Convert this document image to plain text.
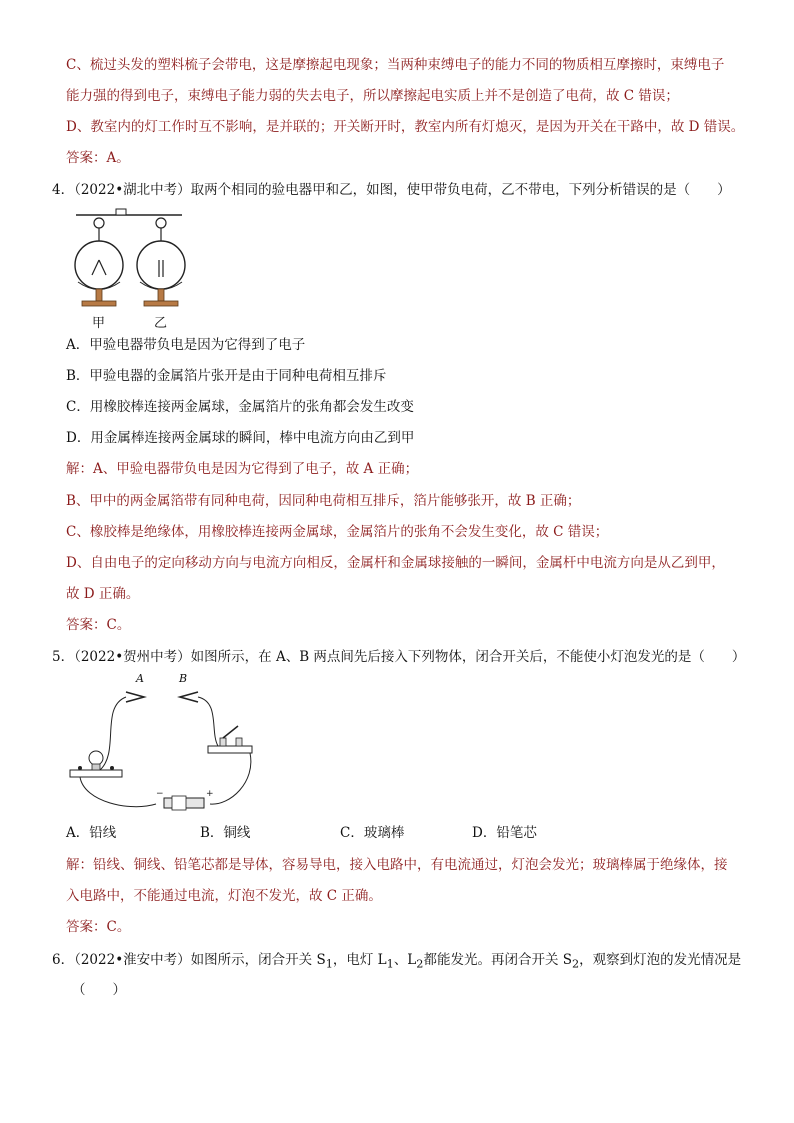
C、梳过头发的塑料梳子会带电，这是摩擦起电现象；当两种束缚电子的能力不同的物质相互摩擦时，束缚电子
能力强的得到电子，束缚电子能力弱的失去电子，所以摩擦起电实质上并不是创造了电荷，故 C 错误；
D、教室内的灯工作时互不影响，是并联的；开关断开时，教室内所有灯熄灭，是因为开关在干路中，故 D 错误。
答案：A。
4．（2022•湖北中考）取两个相同的验电器甲和乙，如图，使甲带负电荷，乙不带电，下列分析错误的是（　　）
甲	乙
A．甲验电器带负电是因为它得到了电子
B．甲验电器的金属箔片张开是由于同种电荷相互排斥
C．用橡胶棒连接两金属球，金属箔片的张角都会发生改变
D．用金属棒连接两金属球的瞬间，棒中电流方向由乙到甲
解：A、甲验电器带负电是因为它得到了电子，故 A 正确；
B、甲中的两金属箔带有同种电荷，因同种电荷相互排斥，箔片能够张开，故 B 正确；
C、橡胶棒是绝缘体，用橡胶棒连接两金属球，金属箔片的张角不会发生变化，故 C 错误；
D、自由电子的定向移动方向与电流方向相反，金属杆和金属球接触的一瞬间，金属杆中电流方向是从乙到甲，
故 D 正确。
答案：C。
5．（2022•贺州中考）如图所示，在 A、B 两点间先后接入下列物体，闭合开关后，不能使小灯泡发光的是（　　）
−	+
A	B
A．铅线	B．铜线	C．玻璃棒	D．铅笔芯
解：铅线、铜线、铅笔芯都是导体，容易导电，接入电路中，有电流通过，灯泡会发光；玻璃棒属于绝缘体，接
入电路中，不能通过电流，灯泡不发光，故 C 正确。
答案：C。
6．（2022•淮安中考）如图所示，闭合开关 $S_1$，电灯 $L_1$、$L_2$都能发光。再闭合开关 $S_2$，观察到灯泡的发光情况是
（　　）
